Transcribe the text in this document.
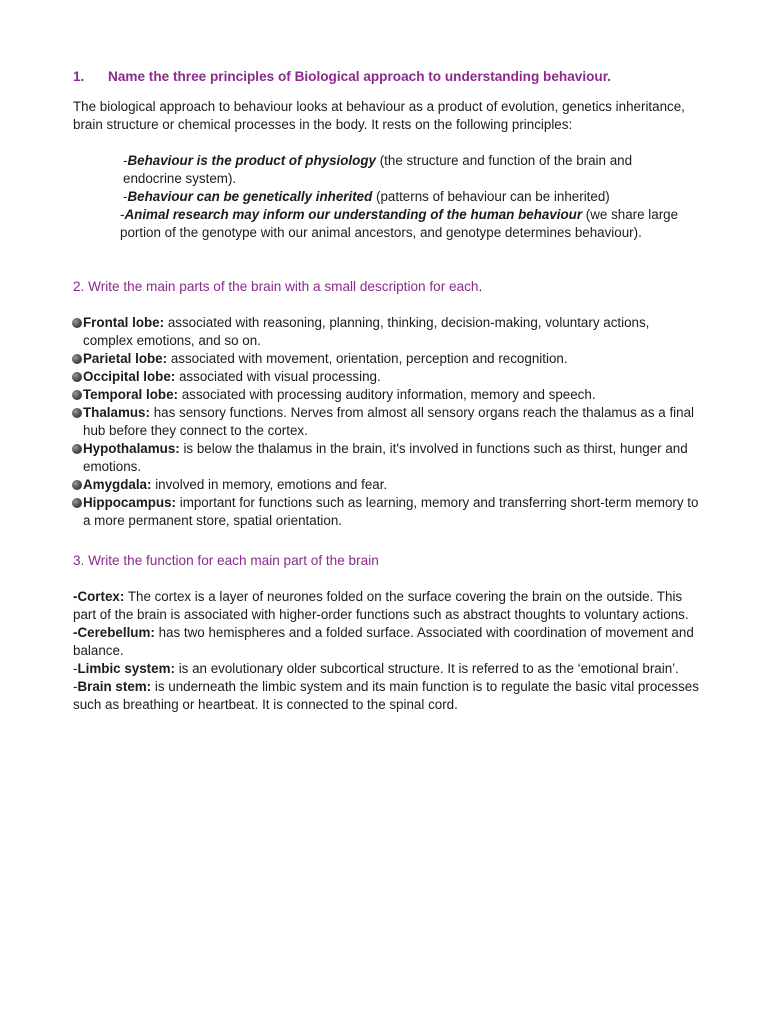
1. Name the three principles of Biological approach to understanding behaviour.

The biological approach to behaviour looks at behaviour as a product of evolution, genetics inheritance, brain structure or chemical processes in the body. It rests on the following principles:

-Behaviour is the product of physiology (the structure and function of the brain and endocrine system).

-Behaviour can be genetically inherited (patterns of behaviour can be inherited)

-Animal research may inform our understanding of the human behaviour (we share large portion of the genotype with our animal ancestors, and genotype determines behaviour).

2. Write the main parts of the brain with a small description for each.

Frontal lobe: associated with reasoning, planning, thinking, decision-making, voluntary actions, complex emotions, and so on.
Parietal lobe: associated with movement, orientation, perception and recognition.
Occipital lobe: associated with visual processing.
Temporal lobe: associated with processing auditory information, memory and speech.
Thalamus: has sensory functions. Nerves from almost all sensory organs reach the thalamus as a final hub before they connect to the cortex.
Hypothalamus: is below the thalamus in the brain, it's involved in functions such as thirst, hunger and emotions.
Amygdala: involved in memory, emotions and fear.
Hippocampus: important for functions such as learning, memory and transferring short-term memory to a more permanent store, spatial orientation.

3. Write the function for each main part of the brain

-Cortex: The cortex is a layer of neurones folded on the surface covering the brain on the outside. This part of the brain is associated with higher-order functions such as abstract thoughts to voluntary actions.

-Cerebellum: has two hemispheres and a folded surface. Associated with coordination of movement and balance.

-Limbic system: is an evolutionary older subcortical structure. It is referred to as the ‘emotional brain’.

-Brain stem: is underneath the limbic system and its main function is to regulate the basic vital processes such as breathing or heartbeat. It is connected to the spinal cord.
